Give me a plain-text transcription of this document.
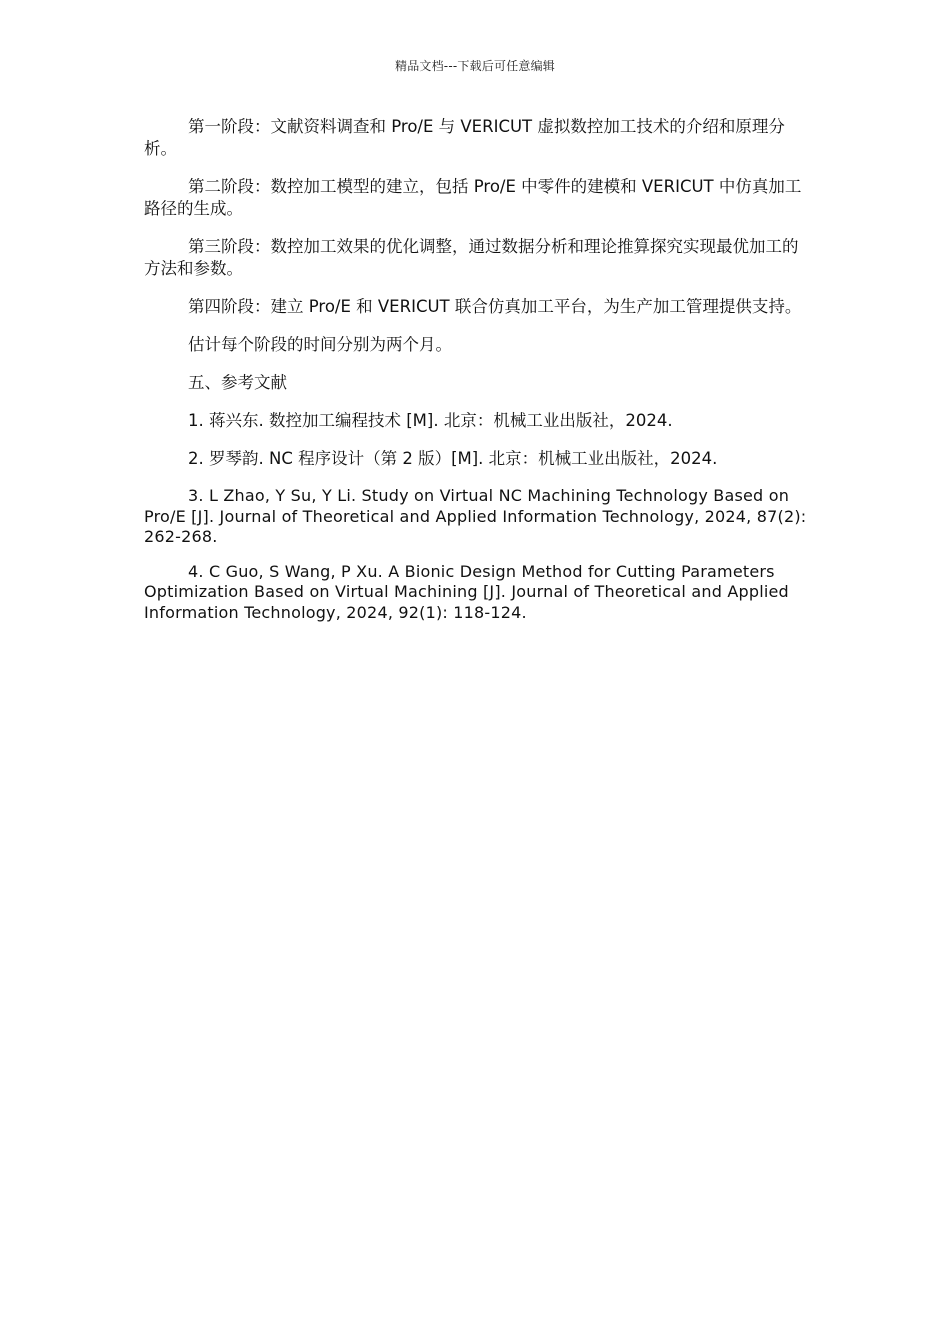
精品文档---下载后可任意编辑

第一阶段：文献资料调查和 Pro/E 与 VERICUT 虚拟数控加工技术的介绍和原理分析。

第二阶段：数控加工模型的建立，包括 Pro/E 中零件的建模和 VERICUT 中仿真加工路径的生成。

第三阶段：数控加工效果的优化调整，通过数据分析和理论推算探究实现最优加工的方法和参数。

第四阶段：建立 Pro/E 和 VERICUT 联合仿真加工平台，为生产加工管理提供支持。

估计每个阶段的时间分别为两个月。

五、参考文献

1. 蒋兴东. 数控加工编程技术 [M]. 北京：机械工业出版社，2024.

2. 罗琴韵. NC 程序设计（第 2 版）[M]. 北京：机械工业出版社，2024.

3. L Zhao, Y Su, Y Li. Study on Virtual NC Machining Technology Based on Pro/E [J]. Journal of Theoretical and Applied Information Technology, 2024, 87(2): 262-268.

4. C Guo, S Wang, P Xu. A Bionic Design Method for Cutting Parameters Optimization Based on Virtual Machining [J]. Journal of Theoretical and Applied Information Technology, 2024, 92(1): 118-124.
